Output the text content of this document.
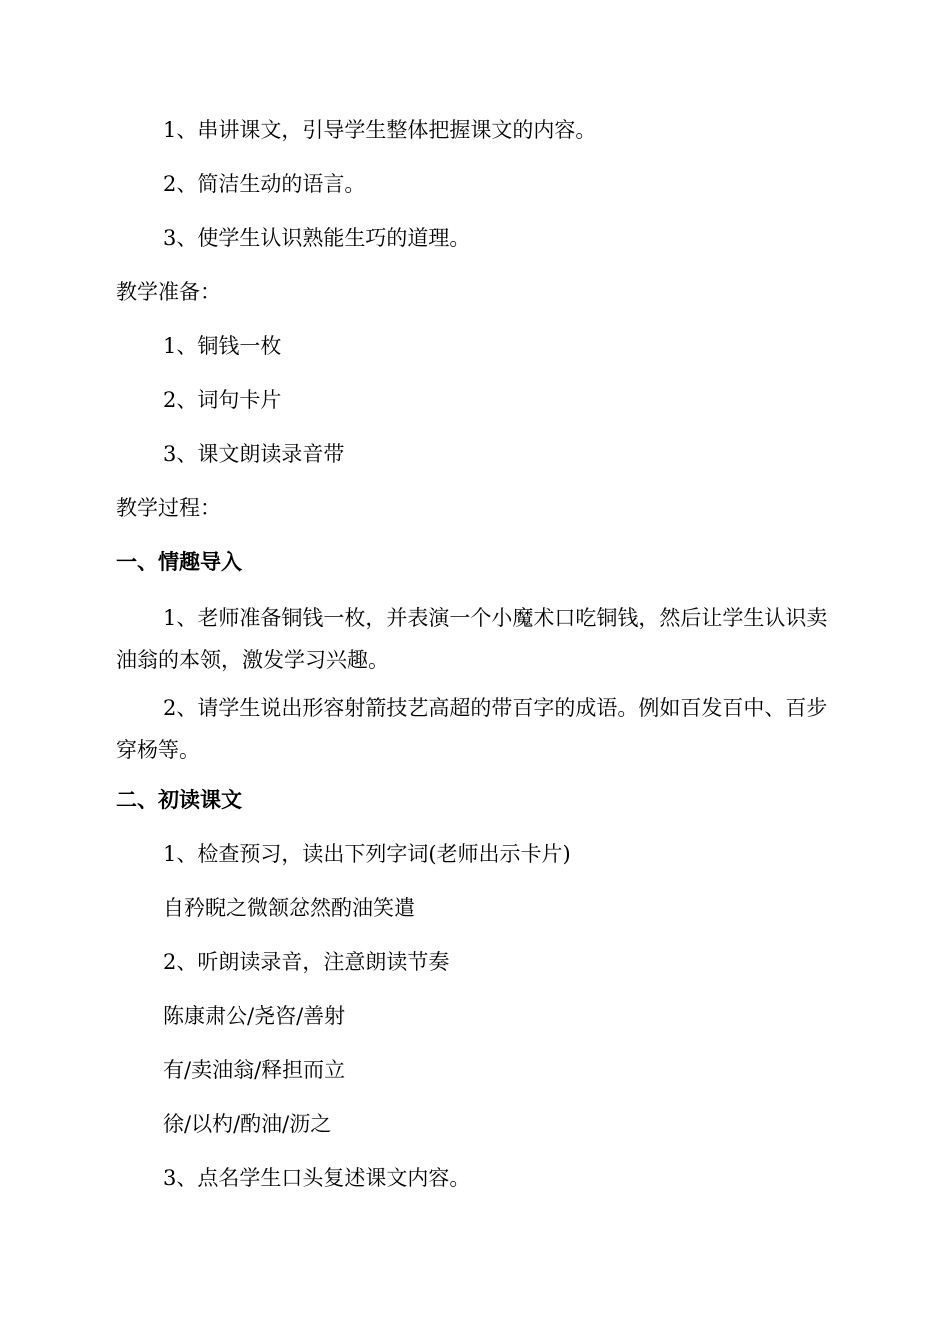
1、串讲课文，引导学生整体把握课文的内容。
2、简洁生动的语言。
3、使学生认识熟能生巧的道理。
教学准备：
1、铜钱一枚
2、词句卡片
3、课文朗读录音带
教学过程：
一、情趣导入
1、老师准备铜钱一枚，并表演一个小魔术口吃铜钱，然后让学生认识卖油翁的本领，激发学习兴趣。
2、请学生说出形容射箭技艺高超的带百字的成语。例如百发百中、百步穿杨等。
二、初读课文
1、检查预习，读出下列字词(老师出示卡片)
自矜睨之微颔忿然酌油笑遣
2、听朗读录音，注意朗读节奏
陈康肃公/尧咨/善射
有/卖油翁/释担而立
徐/以杓/酌油/沥之
3、点名学生口头复述课文内容。
